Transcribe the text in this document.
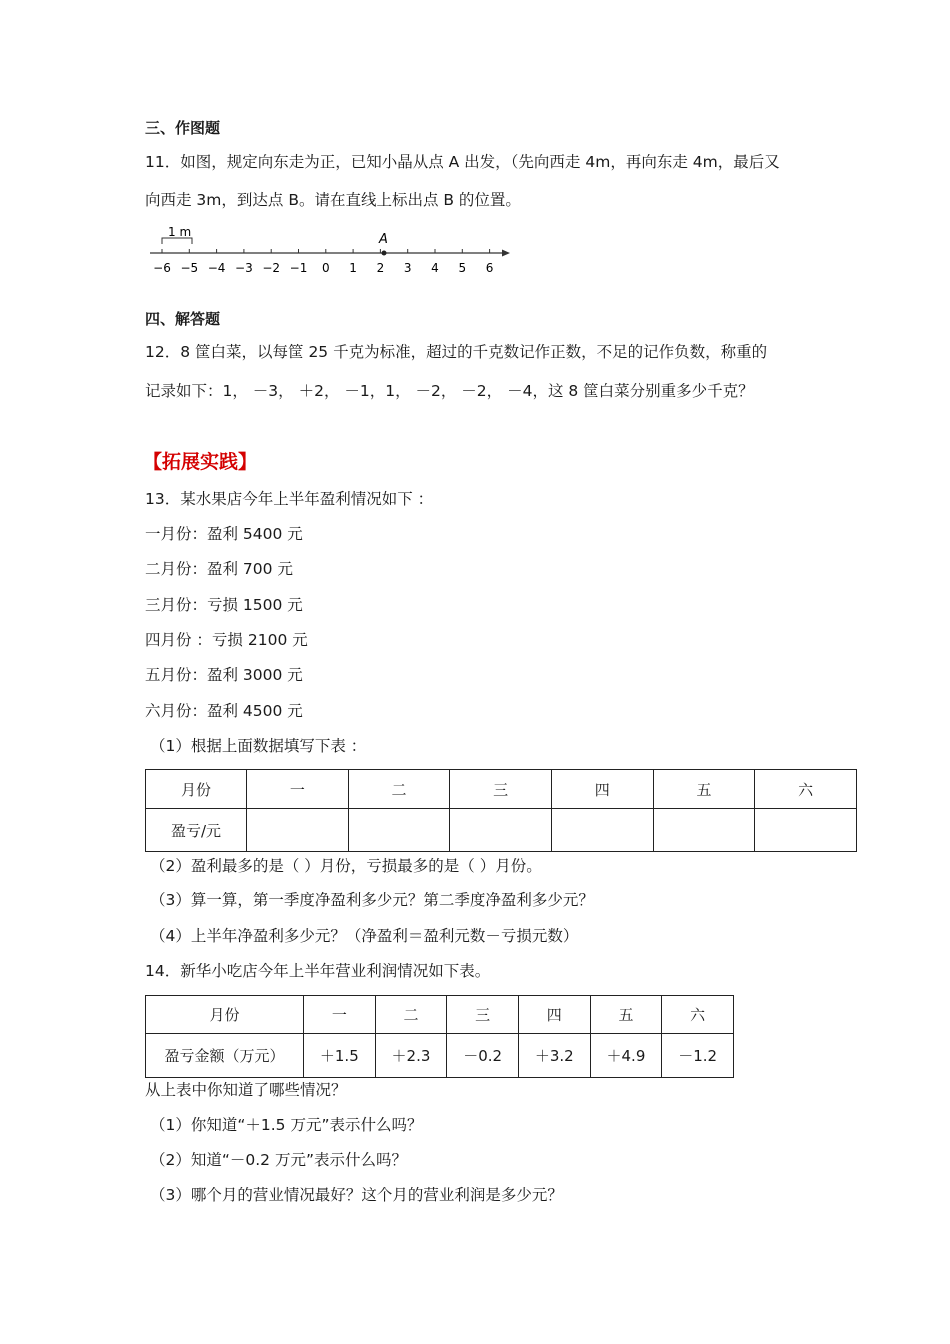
三、作图题
11．如图，规定向东走为正，已知小晶从点 A 出发，（先向西走 4m，再向东走 4m，最后又
向西走 3m，到达点 B。请在直线上标出点 B 的位置。
1 m	A
−6 −5 −4 −3 −2 −1 0 1 2 3 4 5 6
四、解答题
12．8 筐白菜，以每筐 25 千克为标准，超过的千克数记作正数，不足的记作负数，称重的
记录如下：1， －3， ＋2， －1，1， －2， －2， －4，这 8 筐白菜分别重多少千克？
【拓展实践】
13．某水果店今年上半年盈利情况如下 ：
一月份：盈利 5400 元
二月份：盈利 700 元
三月份：亏损 1500 元
四月份 ：亏损 2100 元
五月份：盈利 3000 元
六月份：盈利 4500 元
（1）根据上面数据填写下表 ：
月份	一	二	三	四	五	六
盈亏/元						
（2）盈利最多的是（ ）月份，亏损最多的是（ ）月份。
（3）算一算，第一季度净盈利多少元？第二季度净盈利多少元？
（4）上半年净盈利多少元？（净盈利＝盈利元数－亏损元数）
14．新华小吃店今年上半年营业利润情况如下表。
月份	一	二	三	四	五	六
盈亏金额（万元）	＋1.5	＋2.3	－0.2	＋3.2	＋4.9	－1.2
从上表中你知道了哪些情况？
（1）你知道“＋1.5 万元”表示什么吗？
（2）知道“－0.2 万元”表示什么吗？
（3）哪个月的营业情况最好？这个月的营业利润是多少元？
